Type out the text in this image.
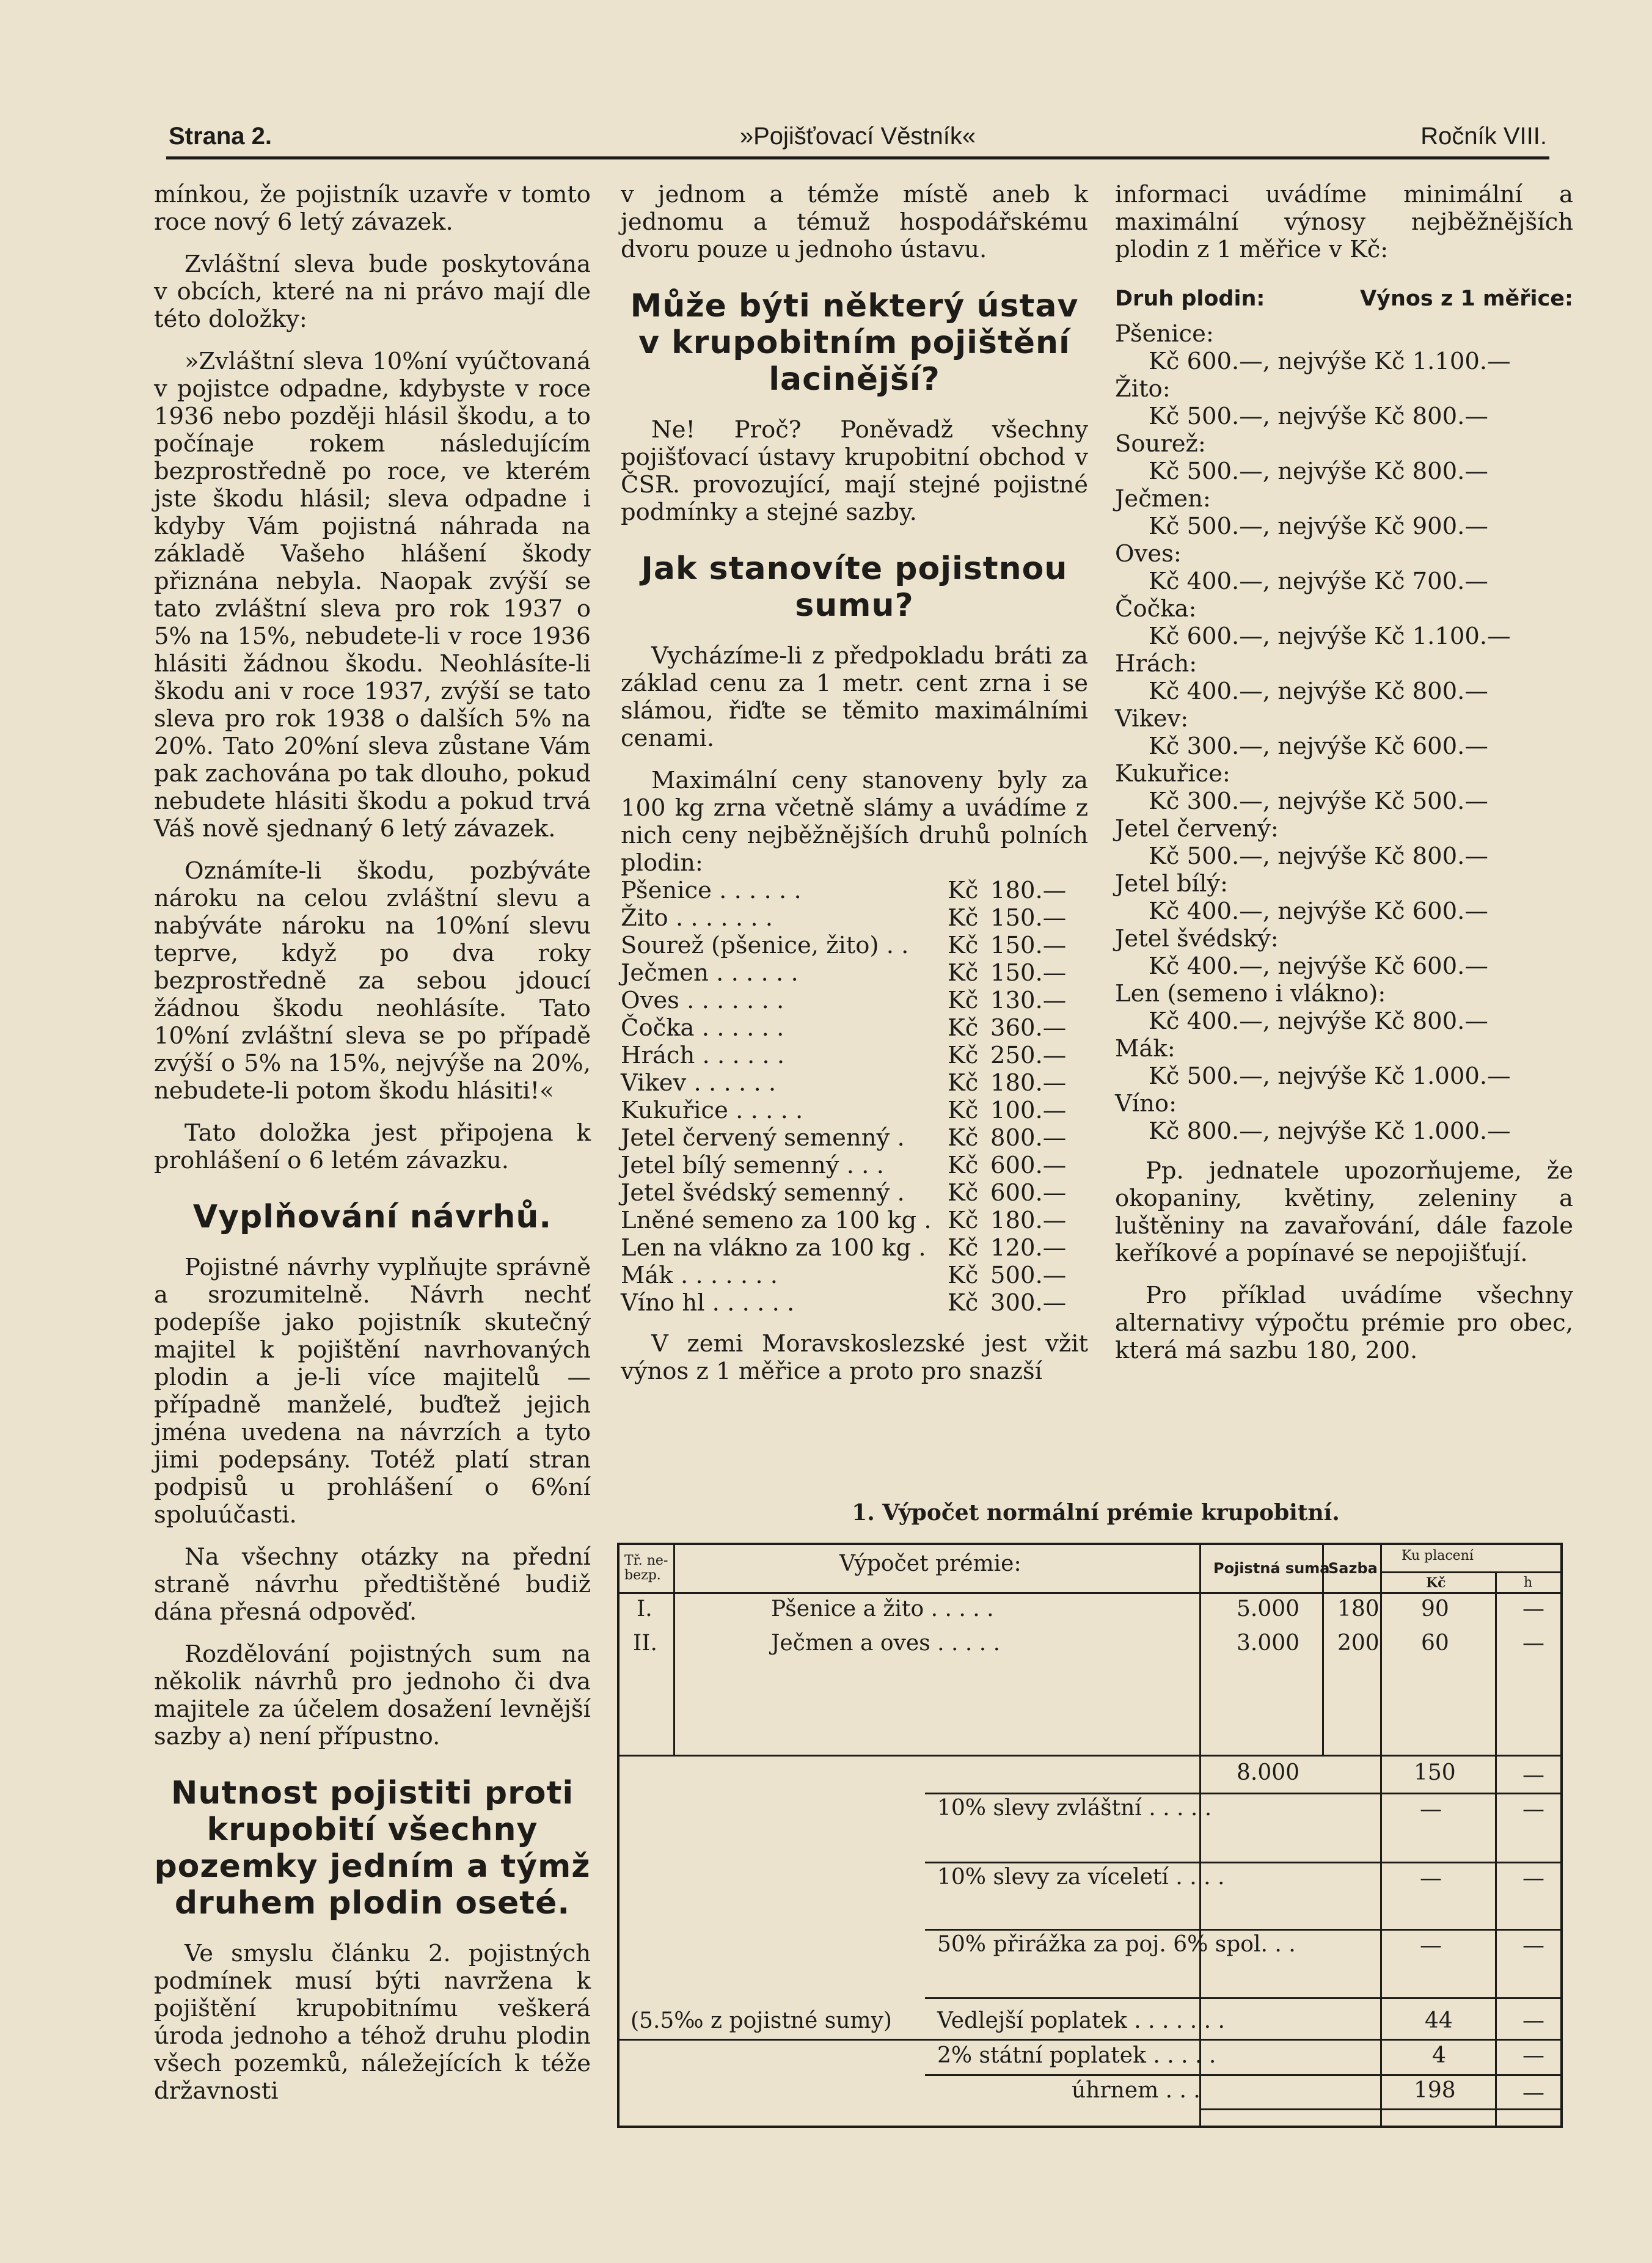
Strana 2.	»Pojišťovací Věstník«	Ročník VIII.

mínkou, že pojistník uzavře v tomto roce nový 6 letý závazek.

Zvláštní sleva bude poskytována v obcích, které na ni právo mají dle této doložky:

»Zvláštní sleva 10%ní vyúčtovaná v pojistce odpadne, kdybyste v roce 1936 nebo později hlásil škodu, a to počínaje rokem následujícím bezprostředně po roce, ve kterém jste škodu hlásil; sleva odpadne i kdyby Vám pojistná náhrada na základě Vašeho hlášení škody přiznána nebyla. Naopak zvýší se tato zvláštní sleva pro rok 1937 o 5% na 15%, nebudete-li v roce 1936 hlásiti žádnou škodu. Neohlásíte-li škodu ani v roce 1937, zvýší se tato sleva pro rok 1938 o dalších 5% na 20%. Tato 20%ní sleva zůstane Vám pak zachována po tak dlouho, pokud nebudete hlásiti škodu a pokud trvá Váš nově sjednaný 6 letý závazek.

Oznámíte-li škodu, pozbýváte nároku na celou zvláštní slevu a nabýváte nároku na 10%ní slevu teprve, když po dva roky bezprostředně za sebou jdoucí žádnou škodu neohlásíte. Tato 10%ní zvláštní sleva se po případě zvýší o 5% na 15%, nejvýše na 20%, nebudete-li potom škodu hlásiti!«

Tato doložka jest připojena k prohlášení o 6 letém závazku.

Vyplňování návrhů.

Pojistné návrhy vyplňujte správně a srozumitelně. Návrh nechť podepíše jako pojistník skutečný majitel k pojištění navrhovaných plodin a je-li více majitelů — případně manželé, buďtež jejich jména uvedena na návrzích a tyto jimi podepsány. Totéž platí stran podpisů u prohlášení o 6%ní spoluúčasti.

Na všechny otázky na přední straně návrhu předtištěné budiž dána přesná odpověď.

Rozdělování pojistných sum na několik návrhů pro jednoho či dva majitele za účelem dosažení levnější sazby a) není přípustno.

Nutnost pojistiti proti krupobití všechny pozemky jedním a týmž druhem plodin oseté.

Ve smyslu článku 2. pojistných podmínek musí býti navržena k pojištění krupobitnímu veškerá úroda jednoho a téhož druhu plodin všech pozemků, náležejících k téže državnosti

v jednom a témže místě aneb k jednomu a témuž hospodářskému dvoru pouze u jednoho ústavu.

Může býti některý ústav v krupobitním pojištění lacinější?

Ne! Proč? Poněvadž všechny pojišťovací ústavy krupobitní obchod v ČSR. provozující, mají stejné pojistné podmínky a stejné sazby.

Jak stanovíte pojistnou sumu?

Vycházíme-li z předpokladu bráti za základ cenu za 1 metr. cent zrna i se slámou, řiďte se těmito maximálními cenami.

Maximální ceny stanoveny byly za 100 kg zrna včetně slámy a uvádíme z nich ceny nejběžnějších druhů polních plodin:

Pšenice . . . . . .	Kč 180.—
Žito . . . . . . .	Kč 150.—
Sourež (pšenice, žito) . .	Kč 150.—
Ječmen . . . . . .	Kč 150.—
Oves . . . . . . .	Kč 130.—
Čočka . . . . . .	Kč 360.—
Hrách . . . . . .	Kč 250.—
Vikev . . . . . .	Kč 180.—
Kukuřice . . . . .	Kč 100.—
Jetel červený semenný .	Kč 800.—
Jetel bílý semenný . . .	Kč 600.—
Jetel švédský semenný .	Kč 600.—
Lněné semeno za 100 kg . Kč 180.—
Len na vlákno za 100 kg . Kč 120.—
Mák . . . . . . .	Kč 500.—
Víno hl . . . . . .	Kč 300.—

V zemi Moravskoslezské jest vžit výnos z 1 měřice a proto pro snazší

informaci uvádíme minimální a maximální výnosy nejběžnějších plodin z 1 měřice v Kč:

Druh plodin:	Výnos z 1 měřice:
Pšenice:
Kč 600.—, nejvýše Kč 1.100.—
Žito:
Kč 500.—, nejvýše Kč 800.—
Sourež:
Kč 500.—, nejvýše Kč 800.—
Ječmen:
Kč 500.—, nejvýše Kč 900.—
Oves:
Kč 400.—, nejvýše Kč 700.—
Čočka:
Kč 600.—, nejvýše Kč 1.100.—
Hrách:
Kč 400.—, nejvýše Kč 800.—
Vikev:
Kč 300.—, nejvýše Kč 600.—
Kukuřice:
Kč 300.—, nejvýše Kč 500.—
Jetel červený:
Kč 500.—, nejvýše Kč 800.—
Jetel bílý:
Kč 400.—, nejvýše Kč 600.—
Jetel švédský:
Kč 400.—, nejvýše Kč 600.—
Len (semeno i vlákno):
Kč 400.—, nejvýše Kč 800.—
Mák:
Kč 500.—, nejvýše Kč 1.000.—
Víno:
Kč 800.—, nejvýše Kč 1.000.—

Pp. jednatele upozorňujeme, že okopaniny, květiny, zeleniny a luštěniny na zavařování, dále fazole keříkové a popínavé se nepojišťují.

Pro příklad uvádíme všechny alternativy výpočtu prémie pro obec, která má sazbu 180, 200.

1. Výpočet normální prémie krupobitní.
Tř. ne-
bezp.	Výpočet prémie:	Pojistná suma
Sazba
Ku placení
Kč	h
I.	Pšenice a žito . . . . .	5.000 180 90	—
II.	Ječmen a oves . . . . .	3.000 200 60	—
8.000	150	—
10% slevy zvláštní . . . . .	—	—
10% slevy za víceletí . . . .	—	—
50% přirážka za poj. 6% spol. . .	—	—
(5.5‰ z pojistné sumy) Vedlejší poplatek . . . . . . .	44	—
2% státní poplatek . . . . .	4	—
úhrnem . . .	198	—
